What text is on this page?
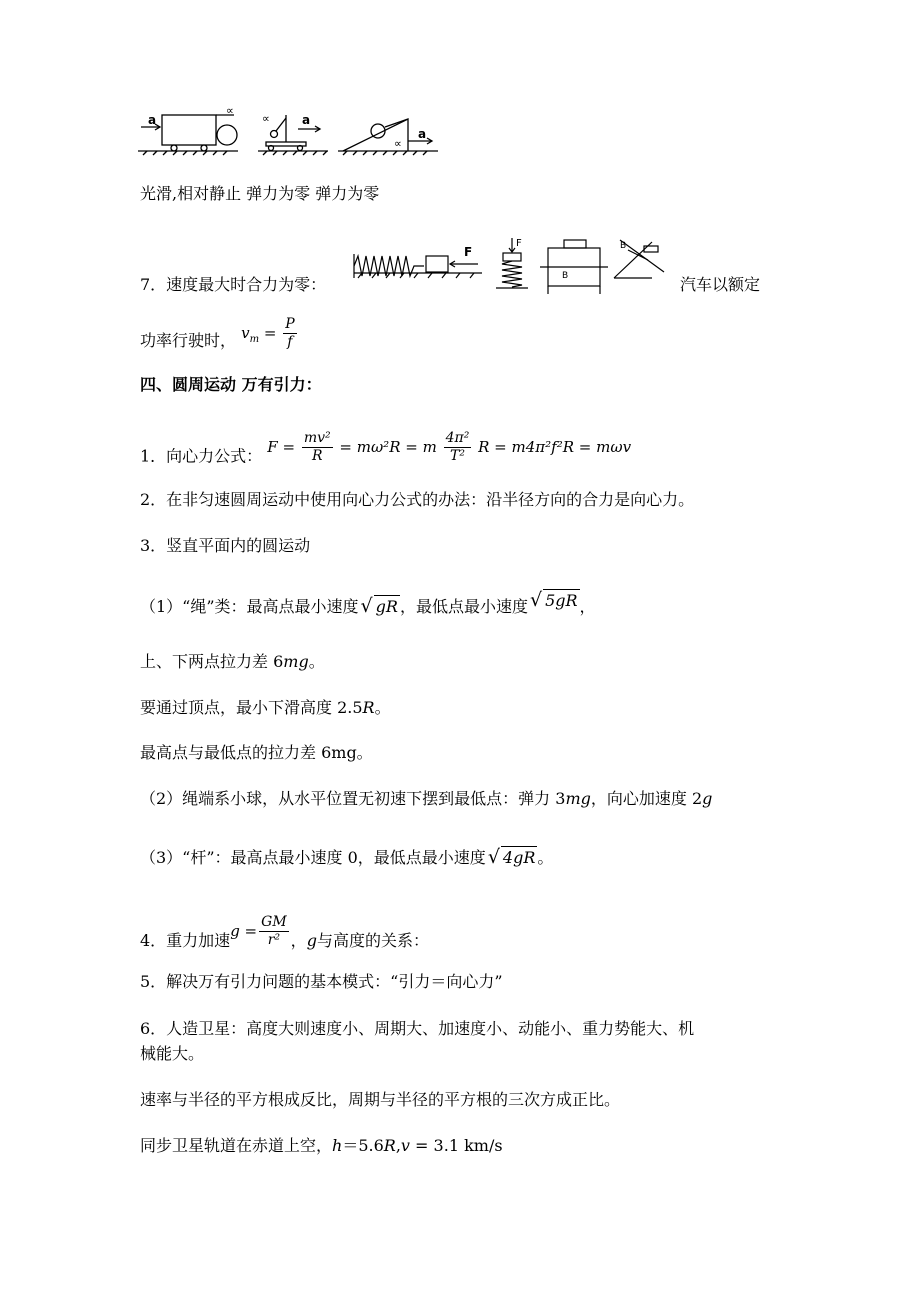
a
∝
∝	a
∝
a
光滑,相对静止 弹力为零 弹力为零
7．速度最大时合力为零：
F
F
B
B
汽车以额定
功率行驶时， $v_m = \frac{P}{f}$
四、圆周运动 万有引力：
1．向心力公式： $F = \frac{\text{mv²}}{R} = m\omega^2R = m \frac{\text{4π²}}{\text{T²}}$ R = m4π²f²R = mωv
2．在非匀速圆周运动中使用向心力公式的办法：沿半径方向的合力是向心力。
3．竖直平面内的圆运动
（1）“绳”类：最高点最小速度 √ gR ，最低点最小速度 √ 5gR ，
上、下两点拉力差 6mg。
要通过顶点，最小下滑高度 2.5R。
最高点与最低点的拉力差 6mg。
（2）绳端系小球，从水平位置无初速下摆到最低点：弹力 3mg，向心加速度 2g
（3）“杆”：最高点最小速度 0，最低点最小速度 √ 4gR 。
4．重力加速$g = \frac{GM}{\text{r²}}$ ，g与高度的关系：
5．解决万有引力问题的基本模式：“引力＝向心力”
6．人造卫星：高度大则速度小、周期大、加速度小、动能小、重力势能大、机
械能大。
速率与半径的平方根成反比，周期与半径的平方根的三次方成正比。
同步卫星轨道在赤道上空，h＝5.6R,v = 3.1 km/s
